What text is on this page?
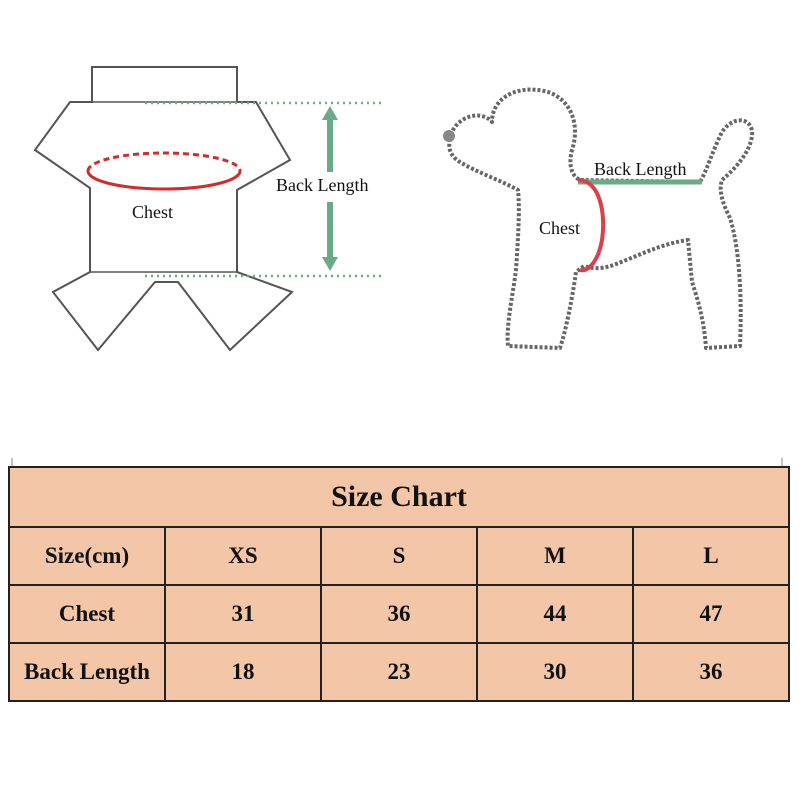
Chest
Back Length
Back Length
Chest
Size Chart				
Size(cm)	XS	S	M	L
Chest	31	36	44	47
Back Length	18	23	30	36
